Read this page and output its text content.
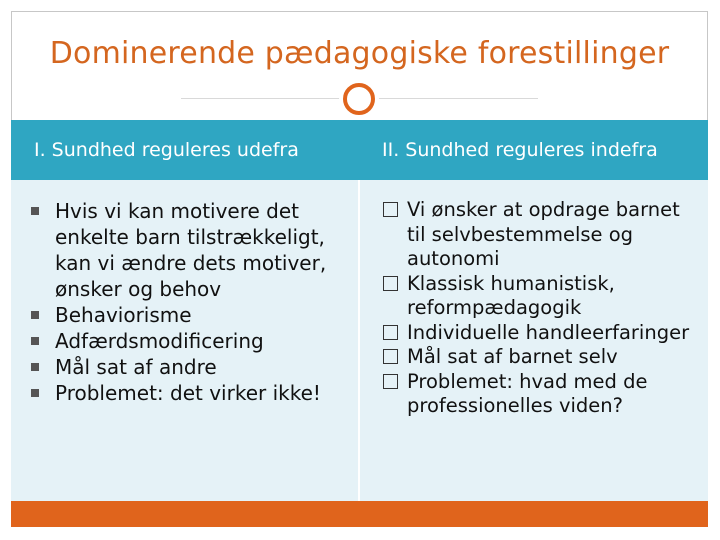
Dominerende pædagogiske forestillinger
I. Sundhed reguleres udefra	II. Sundhed reguleres indefra
Hvis vi kan motivere det enkelte barn tilstrækkeligt, kan vi ændre dets motiver, ønsker og behov
Behaviorisme
Adfærdsmodificering
Mål sat af andre
Problemet: det virker ikke!
Vi ønsker at opdrage barnet til selvbestemmelse og autonomi
Klassisk humanistisk, reformpædagogik
Individuelle handleerfaringer
Mål sat af barnet selv
Problemet: hvad med de professionelles viden?
